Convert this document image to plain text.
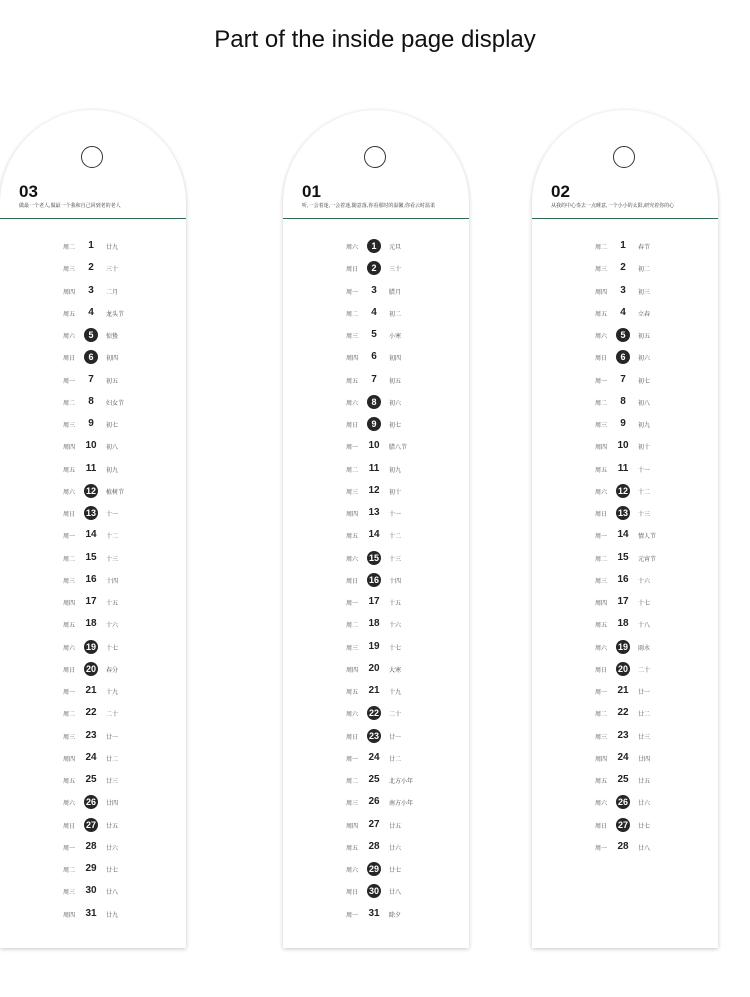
Part of the inside page display
01
听,一会着迷,一会着迷,随意落,你看那时的温馨,你看云时温柔
周六	1	元旦
周日	2	三十
周一	3	腊月
周二	4	初二
周三	5	小寒
周四	6	初四
周五	7	初五
周六	8	初六
周日	9	初七
周一 10 腊八节
周二 11 初九
周三 12 初十
周四 13 十一
周五 14 十二
周六 15	十三
周日 16	十四
周一 17 十五
周二 18 十六
周三 19 十七
周四 20 大寒
周五 21 十九
周六 22	二十
周日 23	廿一
周一 24 廿二
周二 25 北方小年
周三 26 南方小年
周四 27 廿五
周五 28 廿六
周六 29	廿七
周日 30	廿八
周一 31 除夕
02
从我的中心奏去一点睡意,一个小小的太阳,研究着你的心
周二	1	春节
周三	2	初二
周四	3	初三
周五	4	立春
周六	5	初五
周日	6	初六
周一	7	初七
周二	8	初八
周三	9	初九
周四 10 初十
周五 11 十一
周六 12	十二
周日 13	十三
周一 14 情人节
周二 15 元宵节
周三 16 十六
周四 17 十七
周五 18 十八
周六 19	雨水
周日 20	二十
周一 21 廿一
周二 22 廿二
周三 23 廿三
周四 24 廿四
周五 25 廿五
周六 26	廿六
周日 27	廿七
周一 28 廿八
03
做最一个老人,做最一个我和自己回到老的老人
周二	1	廿九
周三	2	三十
周四	3	二月
周五	4	龙头节
周六	5	惊蛰
周日	6	初四
周一	7	初五
周二	8	妇女节
周三	9	初七
周四 10 初八
周五 11 初九
周六 12	植树节
周日 13	十一
周一 14 十二
周二 15 十三
周三 16 十四
周四 17 十五
周五 18 十六
周六 19	十七
周日 20	春分
周一 21 十九
周二 22 二十
周三 23 廿一
周四 24 廿二
周五 25 廿三
周六 26	廿四
周日 27	廿五
周一 28 廿六
周二 29 廿七
周三 30 廿八
周四 31 廿九
